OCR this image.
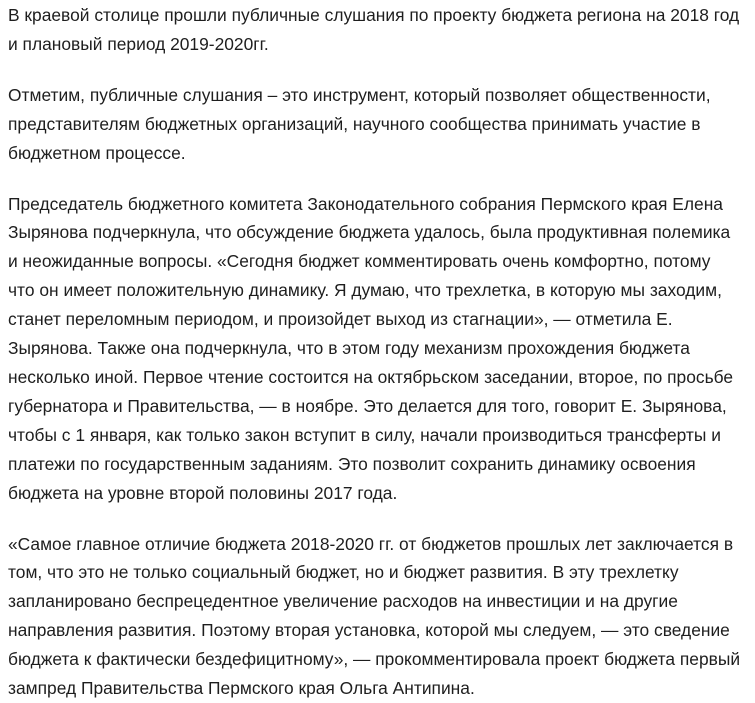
В краевой столице прошли публичные слушания по проекту бюджета региона на 2018 год и плановый период 2019-2020гг.

Отметим, публичные слушания – это инструмент, который позволяет общественности, представителям бюджетных организаций, научного сообщества принимать участие в бюджетном процессе.

Председатель бюджетного комитета Законодательного собрания Пермского края Елена Зырянова подчеркнула, что обсуждение бюджета удалось, была продуктивная полемика и неожиданные вопросы. «Сегодня бюджет комментировать очень комфортно, потому что он имеет положительную динамику. Я думаю, что трехлетка, в которую мы заходим, станет переломным периодом, и произойдет выход из стагнации», — отметила Е. Зырянова. Также она подчеркнула, что в этом году механизм прохождения бюджета несколько иной. Первое чтение состоится на октябрьском заседании, второе, по просьбе губернатора и Правительства, — в ноябре. Это делается для того, говорит Е. Зырянова, чтобы с 1 января, как только закон вступит в силу, начали производиться трансферты и платежи по государственным заданиям. Это позволит сохранить динамику освоения бюджета на уровне второй половины 2017 года.

«Самое главное отличие бюджета 2018-2020 гг. от бюджетов прошлых лет заключается в том, что это не только социальный бюджет, но и бюджет развития. В эту трехлетку запланировано беспрецедентное увеличение расходов на инвестиции и на другие направления развития. Поэтому вторая установка, которой мы следуем, — это сведение бюджета к фактически бездефицитному», — прокомментировала проект бюджета первый зампред Правительства Пермского края Ольга Антипина.
